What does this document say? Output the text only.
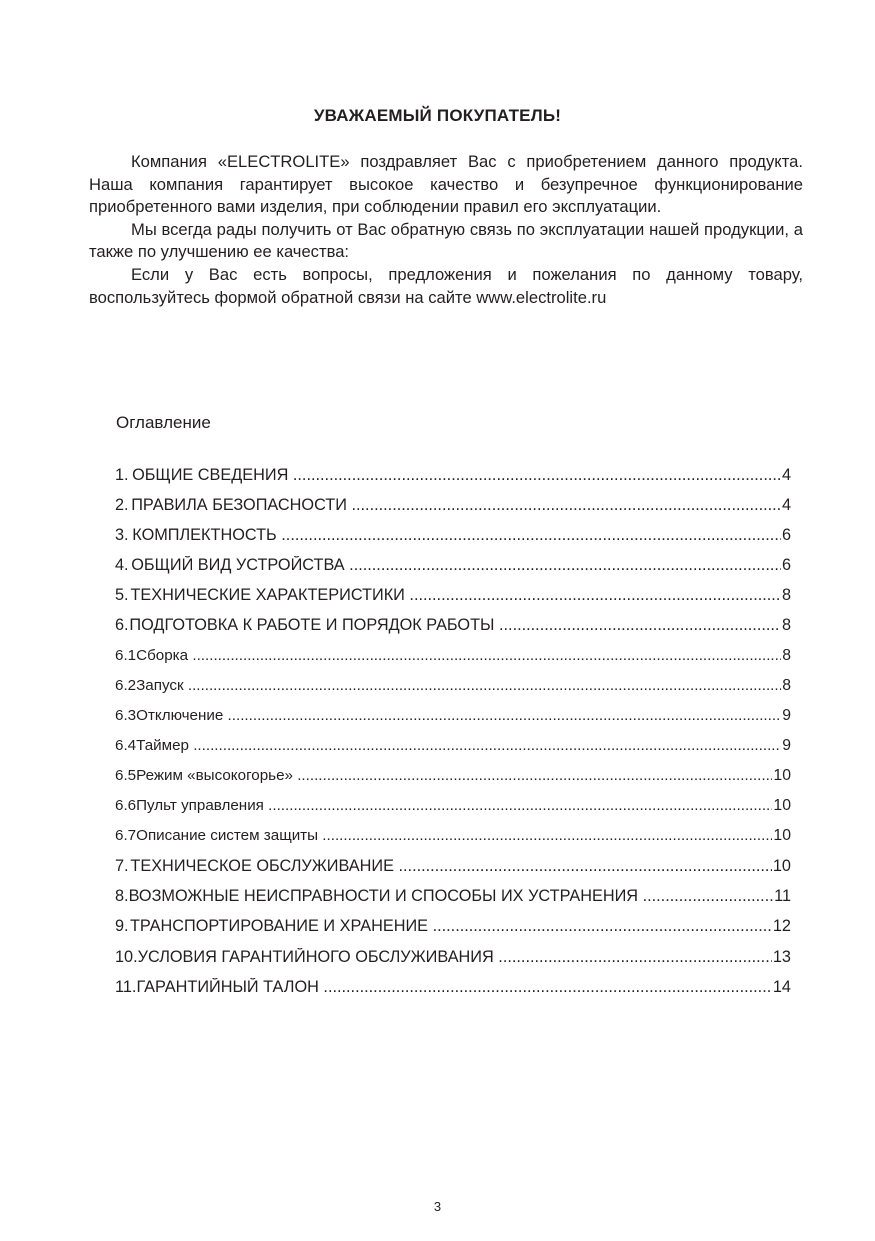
УВАЖАЕМЫЙ ПОКУПАТЕЛЬ!

Компания «ELECTROLITE» поздравляет Вас с приобретением данного продукта. Наша компания гарантирует высокое качество и безупречное функционирование приобретенного вами изделия, при соблюдении правил его эксплуатации.

Мы всегда рады получить от Вас обратную связь по эксплуатации нашей продукции, а также по улучшению ее качества:

Если у Вас есть вопросы, предложения и пожелания по данному товару, воспользуйтесь формой обратной связи на сайте www.electrolite.ru

Оглавление
1. ОБЩИЕ СВЕДЕНИЯ .....	4
2. ПРАВИЛА БЕЗОПАСНОСТИ .....	4
3. КОМПЛЕКТНОСТЬ .....	6
4. ОБЩИЙ ВИД УСТРОЙСТВА .....	6
5. ТЕХНИЧЕСКИЕ ХАРАКТЕРИСТИКИ .....	8
6. ПОДГОТОВКА К РАБОТЕ И ПОРЯДОК РАБОТЫ .....	8
6.1 Сборка .....	8
6.2 Запуск .....	8
6.3 Отключение .....	9
6.4 Таймер .....	9
6.5 Режим «высокогорье» .....	10
6.6 Пульт управления .....	10
6.7 Описание систем защиты .....	10
7. ТЕХНИЧЕСКОЕ ОБСЛУЖИВАНИЕ .....	10
8. ВОЗМОЖНЫЕ НЕИСПРАВНОСТИ И СПОСОБЫ ИХ УСТРАНЕНИЯ .....	11
9. ТРАНСПОРТИРОВАНИЕ И ХРАНЕНИЕ .....	12
10. УСЛОВИЯ ГАРАНТИЙНОГО ОБСЛУЖИВАНИЯ .....	13
11. ГАРАНТИЙНЫЙ ТАЛОН .....	14
3
